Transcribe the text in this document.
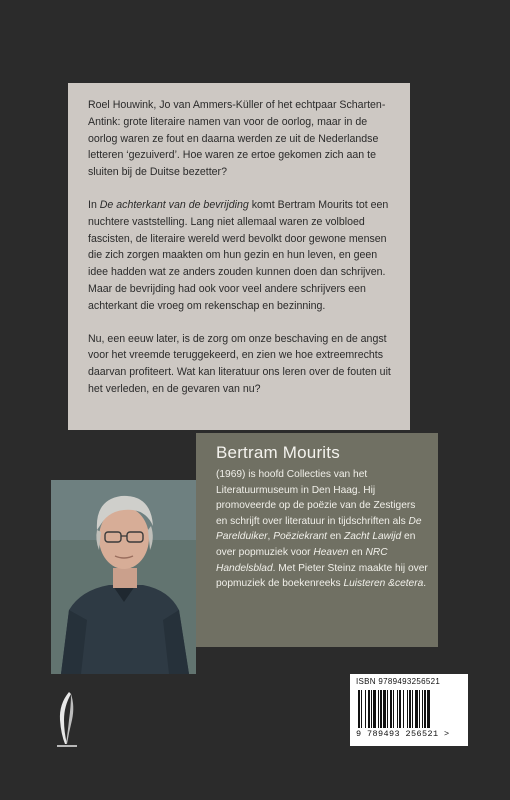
Roel Houwink, Jo van Ammers-Küller of het echtpaar Scharten-Antink: grote literaire namen van voor de oorlog, maar in de oorlog waren ze fout en daarna werden ze uit de Nederlandse letteren ‘gezuiverd’. Hoe waren ze ertoe gekomen zich aan te sluiten bij de Duitse bezetter?

In De achterkant van de bevrijding komt Bertram Mourits tot een nuchtere vaststelling. Lang niet allemaal waren ze volbloed fascisten, de literaire wereld werd bevolkt door gewone mensen die zich zorgen maakten om hun gezin en hun leven, en geen idee hadden wat ze anders zouden kunnen doen dan schrijven. Maar de bevrijding had ook voor veel andere schrijvers een achterkant die vroeg om rekenschap en bezinning.

Nu, een eeuw later, is de zorg om onze beschaving en de angst voor het vreemde teruggekeerd, en zien we hoe extreemrechts daarvan profiteert. Wat kan literatuur ons leren over de fouten uit het verleden, en de gevaren van nu?

Bertram Mourits

(1969) is hoofd Collecties van het Literatuurmuseum in Den Haag. Hij promoveerde op de poëzie van de Zestigers en schrijft over literatuur in tijdschriften als De Parelduiker, Poëziekrant en Zacht Lawijd en over popmuziek voor Heaven en NRC Handelsblad. Met Pieter Steinz maakte hij over popmuziek de boekenreeks Luisteren &cetera.

ISBN 9789493256521
9 789493 256521 >
